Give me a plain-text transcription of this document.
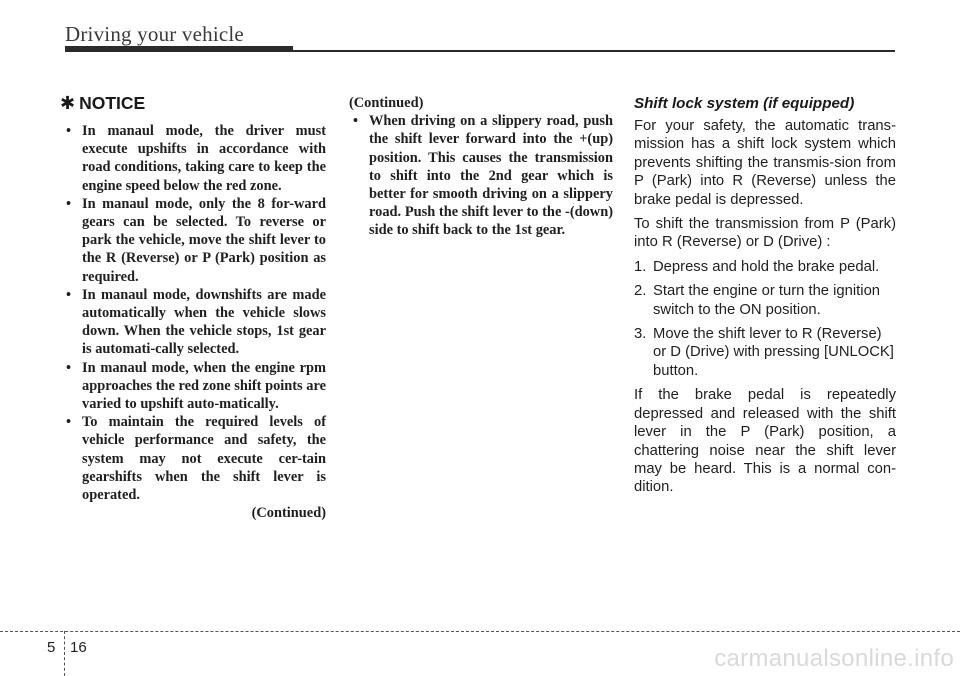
Driving your vehicle
✱ NOTICE
• In manaul mode, the driver must execute upshifts in accordance with road conditions, taking care to keep the engine speed below the red zone.
• In manaul mode, only the 8 for-ward gears can be selected. To reverse or park the vehicle, move the shift lever to the R (Reverse) or P (Park) position as required.
• In manaul mode, downshifts are made automatically when the vehicle slows down. When the vehicle stops, 1st gear is automati-cally selected.
• In manaul mode, when the engine rpm approaches the red zone shift points are varied to upshift auto-matically.
• To maintain the required levels of vehicle performance and safety, the system may not execute cer-tain gearshifts when the shift lever is operated.
(Continued)
(Continued)
• When driving on a slippery road, push the shift lever forward into the +(up) position. This causes the transmission to shift into the 2nd gear which is better for smooth driving on a slippery road. Push the shift lever to the -(down) side to shift back to the 1st gear.
Shift lock system (if equipped)

For your safety, the automatic trans-mission has a shift lock system which prevents shifting the transmis-sion from P (Park) into R (Reverse) unless the brake pedal is depressed.

To shift the transmission from P (Park) into R (Reverse) or D (Drive) :

1. Depress and hold the brake pedal.
2. Start the engine or turn the ignition switch to the ON position.
3. Move the shift lever to R (Reverse) or D (Drive) with pressing [UNLOCK] button.

If the brake pedal is repeatedly depressed and released with the shift lever in the P (Park) position, a chattering noise near the shift lever may be heard. This is a normal con-dition.

5 16	carmanualsonline.info
